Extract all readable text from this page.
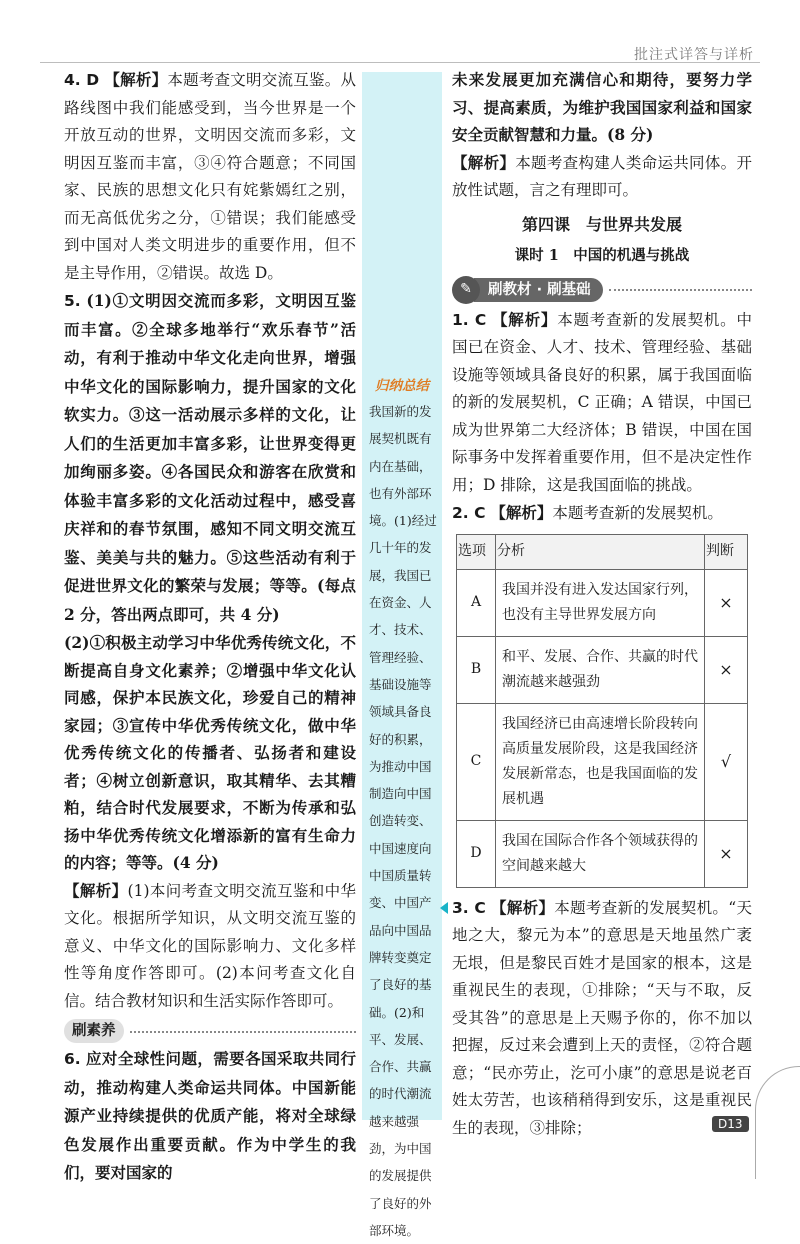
批注式详答与详析
4. D 【解析】本题考查文明交流互鉴。从路线图中我们能感受到，当今世界是一个开放互动的世界，文明因交流而多彩，文明因互鉴而丰富，③④符合题意；不同国家、民族的思想文化只有姹紫嫣红之别，而无高低优劣之分，①错误；我们能感受到中国对人类文明进步的重要作用，但不是主导作用，②错误。故选 D。
5. (1)①文明因交流而多彩，文明因互鉴而丰富。②全球多地举行“欢乐春节”活动，有利于推动中华文化走向世界，增强中华文化的国际影响力，提升国家的文化软实力。③这一活动展示多样的文化，让人们的生活更加丰富多彩，让世界变得更加绚丽多姿。④各国民众和游客在欣赏和体验丰富多彩的文化活动过程中，感受喜庆祥和的春节氛围，感知不同文明交流互鉴、美美与共的魅力。⑤这些活动有利于促进世界文化的繁荣与发展；等等。(每点 2 分，答出两点即可，共 4 分)
(2)①积极主动学习中华优秀传统文化，不断提高自身文化素养；②增强中华文化认同感，保护本民族文化，珍爱自己的精神家园；③宣传中华优秀传统文化，做中华优秀传统文化的传播者、弘扬者和建设者；④树立创新意识，取其精华、去其糟粕，结合时代发展要求，不断为传承和弘扬中华优秀传统文化增添新的富有生命力的内容；等等。(4 分)
【解析】(1)本问考查文明交流互鉴和中华文化。根据所学知识，从文明交流互鉴的意义、中华文化的国际影响力、文化多样性等角度作答即可。(2)本问考查文化自信。结合教材知识和生活实际作答即可。
刷素养
6. 应对全球性问题，需要各国采取共同行动，推动构建人类命运共同体。中国新能源产业持续提供的优质产能，将对全球绿色发展作出重要贡献。作为中学生的我们，要对国家的
归纳总结
我国新的发展契机既有内在基础，也有外部环境。(1)经过几十年的发展，我国已在资金、人才、技术、管理经验、基础设施等领域具备良好的积累，为推动中国制造向中国创造转变、中国速度向中国质量转变、中国产品向中国品牌转变奠定了良好的基础。(2)和平、发展、合作、共赢的时代潮流越来越强劲，为中国的发展提供了良好的外部环境。
未来发展更加充满信心和期待，要努力学习、提高素质，为维护我国国家利益和国家安全贡献智慧和力量。(8 分)
【解析】本题考查构建人类命运共同体。开放性试题，言之有理即可。
第四课　与世界共发展
课时 1　中国的机遇与挑战
✎	刷教材 · 刷基础
1. C 【解析】本题考查新的发展契机。中国已在资金、人才、技术、管理经验、基础设施等领域具备良好的积累，属于我国面临的新的发展契机，C 正确；A 错误，中国已成为世界第二大经济体；B 错误，中国在国际事务中发挥着重要作用，但不是决定性作用；D 排除，这是我国面临的挑战。
2. C 【解析】本题考查新的发展契机。
选项	分析	判断
A	我国并没有进入发达国家行列，也没有主导世界发展方向	×
B	和平、发展、合作、共赢的时代潮流越来越强劲	×
C	我国经济已由高速增长阶段转向高质量发展阶段，这是我国经济发展新常态，也是我国面临的发展机遇	√
D	我国在国际合作各个领域获得的空间越来越大	×
3. C 【解析】本题考查新的发展契机。“天地之大，黎元为本”的意思是天地虽然广袤无垠，但是黎民百姓才是国家的根本，这是重视民生的表现，①排除；“天与不取，反受其咎”的意思是上天赐予你的，你不加以把握，反过来会遭到上天的责怪，②符合题意；“民亦劳止，汔可小康”的意思是说老百姓太劳苦，也该稍稍得到安乐，这是重视民生的表现，③排除；	D13
